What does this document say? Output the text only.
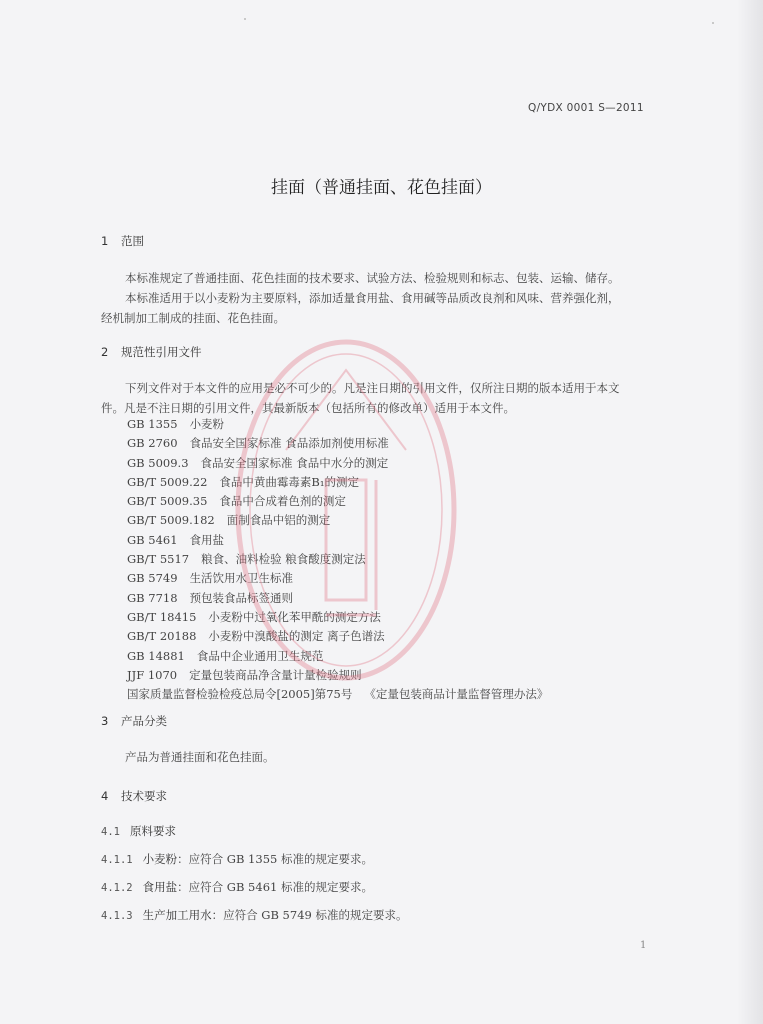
Q/YDX 0001 S—2011
挂面（普通挂面、花色挂面）
1 范围
本标准规定了普通挂面、花色挂面的技术要求、试验方法、检验规则和标志、包装、运输、储存。
本标准适用于以小麦粉为主要原料，添加适量食用盐、食用碱等品质改良剂和风味、营养强化剂，
经机制加工制成的挂面、花色挂面。
2 规范性引用文件
下列文件对于本文件的应用是必不可少的。凡是注日期的引用文件，仅所注日期的版本适用于本文
件。凡是不注日期的引用文件，其最新版本（包括所有的修改单）适用于本文件。
GB 1355 小麦粉
GB 2760 食品安全国家标准 食品添加剂使用标准
GB 5009.3 食品安全国家标准 食品中水分的测定
GB/T 5009.22 食品中黄曲霉毒素B₁的测定
GB/T 5009.35 食品中合成着色剂的测定
GB/T 5009.182 面制食品中铝的测定
GB 5461 食用盐
GB/T 5517 粮食、油料检验 粮食酸度测定法
GB 5749 生活饮用水卫生标准
GB 7718 预包装食品标签通则
GB/T 18415 小麦粉中过氧化苯甲酰的测定方法
GB/T 20188 小麦粉中溴酸盐的测定 离子色谱法
GB 14881 食品中企业通用卫生规范
JJF 1070 定量包装商品净含量计量检验规则
国家质量监督检验检疫总局令[2005]第75号 《定量包装商品计量监督管理办法》
3 产品分类
产品为普通挂面和花色挂面。
4 技术要求
4.1 原料要求
4.1.1 小麦粉：应符合 GB 1355 标准的规定要求。
4.1.2 食用盐：应符合 GB 5461 标准的规定要求。
4.1.3 生产加工用水：应符合 GB 5749 标准的规定要求。
1
